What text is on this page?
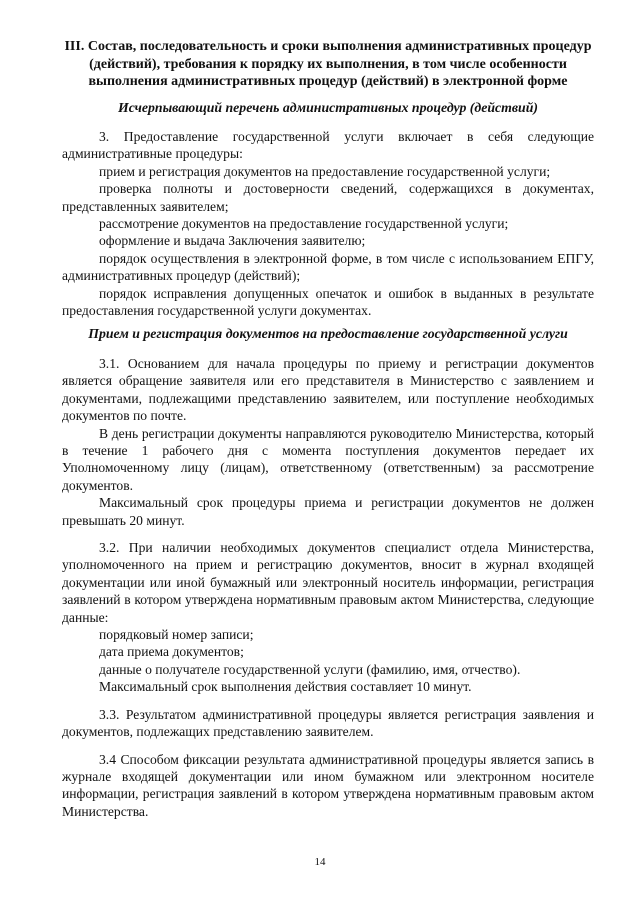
III. Состав, последовательность и сроки выполнения административных процедур (действий), требования к порядку их выполнения, в том числе особенности выполнения административных процедур (действий) в электронной форме
Исчерпывающий перечень административных процедур (действий)

3. Предоставление государственной услуги включает в себя следующие административные процедуры:

прием и регистрация документов на предоставление государственной услуги;

проверка полноты и достоверности сведений, содержащихся в документах, представленных заявителем;

рассмотрение документов на предоставление государственной услуги;

оформление и выдача Заключения заявителю;

порядок осуществления в электронной форме, в том числе с использованием ЕПГУ, административных процедур (действий);

порядок исправления допущенных опечаток и ошибок в выданных в результате предоставления государственной услуги документах.

Прием и регистрация документов на предоставление государственной услуги

3.1. Основанием для начала процедуры по приему и регистрации документов является обращение заявителя или его представителя в Министерство с заявлением и документами, подлежащими представлению заявителем, или поступление необходимых документов по почте.

В день регистрации документы направляются руководителю Министерства, который в течение 1 рабочего дня с момента поступления документов передает их Уполномоченному лицу (лицам), ответственному (ответственным) за рассмотрение документов.

Максимальный срок процедуры приема и регистрации документов не должен превышать 20 минут.

3.2. При наличии необходимых документов специалист отдела Министерства, уполномоченного на прием и регистрацию документов, вносит в журнал входящей документации или иной бумажный или электронный носитель информации, регистрация заявлений в котором утверждена нормативным правовым актом Министерства, следующие данные:

порядковый номер записи;

дата приема документов;

данные о получателе государственной услуги (фамилию, имя, отчество).

Максимальный срок выполнения действия составляет 10 минут.

3.3. Результатом административной процедуры является регистрация заявления и документов, подлежащих представлению заявителем.

3.4 Способом фиксации результата административной процедуры является запись в журнале входящей документации или ином бумажном или электронном носителе информации, регистрация заявлений в котором утверждена нормативным правовым актом Министерства.

14
